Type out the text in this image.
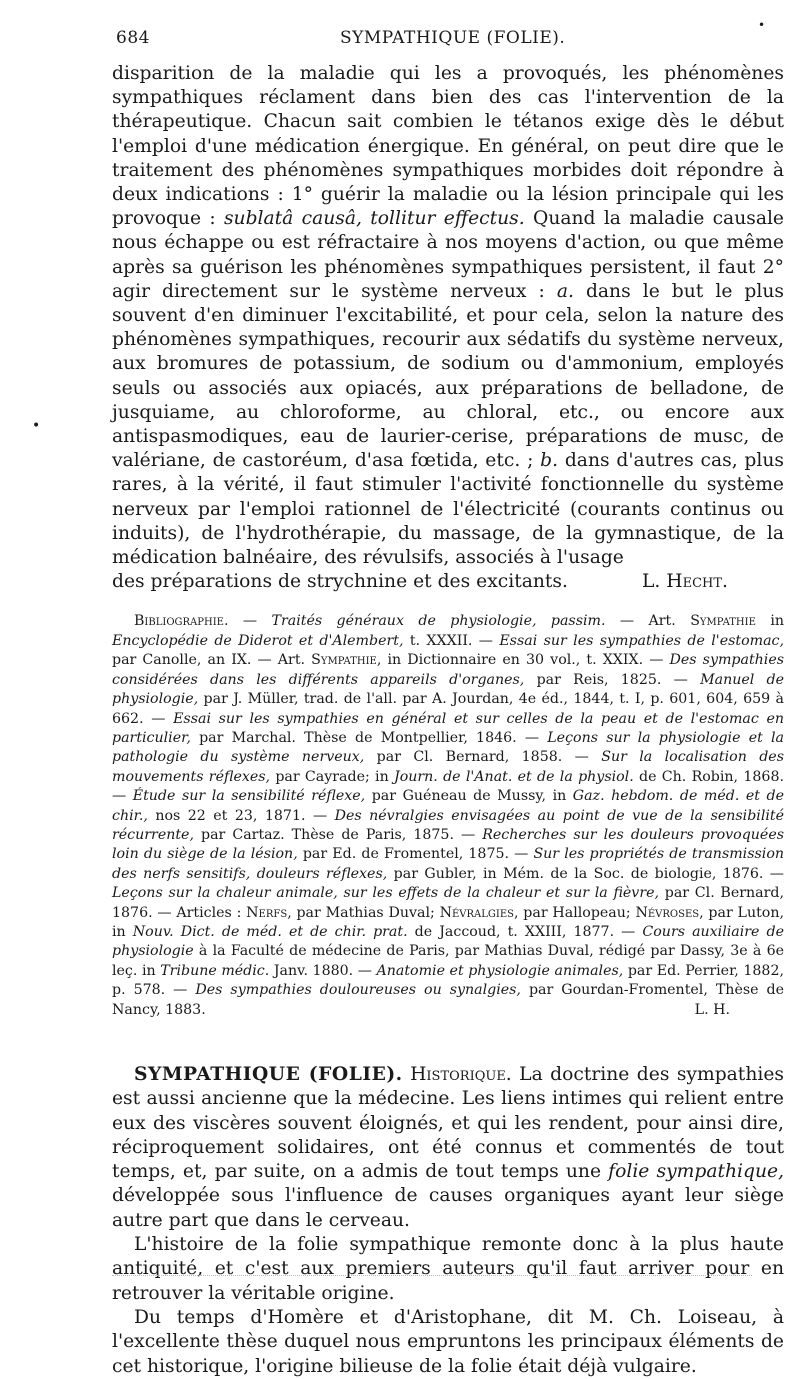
684	SYMPATHIQUE (FOLIE).
•
•

disparition de la maladie qui les a provoqués, les phénomènes sympathiques réclament dans bien des cas l'intervention de la thérapeutique. Chacun sait combien le tétanos exige dès le début l'emploi d'une médication énergique. En général, on peut dire que le traitement des phénomènes sympathiques morbides doit répondre à deux indications : 1° guérir la maladie ou la lésion principale qui les provoque : sublatâ causâ, tollitur effectus. Quand la maladie causale nous échappe ou est réfractaire à nos moyens d'action, ou que même après sa guérison les phénomènes sympathiques persistent, il faut 2° agir directement sur le système nerveux : a. dans le but le plus souvent d'en diminuer l'excitabilité, et pour cela, selon la nature des phénomènes sympathiques, recourir aux sédatifs du système nerveux, aux bromures de potassium, de sodium ou d'ammonium, employés seuls ou associés aux opiacés, aux préparations de belladone, de jusquiame, au chloroforme, au chloral, etc., ou encore aux antispasmodiques, eau de laurier-cerise, préparations de musc, de valériane, de castoréum, d'asa fœtida, etc. ; b. dans d'autres cas, plus rares, à la vérité, il faut stimuler l'activité fonctionnelle du système nerveux par l'emploi rationnel de l'électricité (courants continus ou induits), de l'hydrothérapie, du massage, de la gymnastique, de la médication balnéaire, des révulsifs, associés à l'usage

des préparations de strychnine et des excitants.	L. Hecht.
Bibliographie. — Traités généraux de physiologie, passim. — Art. Sympathie in Encyclopédie de Diderot et d'Alembert, t. XXXII. — Essai sur les sympathies de l'estomac, par Canolle, an IX. — Art. Sympathie, in Dictionnaire en 30 vol., t. XXIX. — Des sympathies considérées dans les différents appareils d'organes, par Reis, 1825. — Manuel de physiologie, par J. Müller, trad. de l'all. par A. Jourdan, 4e éd., 1844, t. I, p. 601, 604, 659 à 662. — Essai sur les sympathies en général et sur celles de la peau et de l'estomac en particulier, par Marchal. Thèse de Montpellier, 1846. — Leçons sur la physiologie et la pathologie du système nerveux, par Cl. Bernard, 1858. — Sur la localisation des mouvements réflexes, par Cayrade; in Journ. de l'Anat. et de la physiol. de Ch. Robin, 1868. — Étude sur la sensibilité réflexe, par Guéneau de Mussy, in Gaz. hebdom. de méd. et de chir., nos 22 et 23, 1871. — Des névralgies envisagées au point de vue de la sensibilité récurrente, par Cartaz. Thèse de Paris, 1875. — Recherches sur les douleurs provoquées loin du siège de la lésion, par Ed. de Fromentel, 1875. — Sur les propriétés de transmission des nerfs sensitifs, douleurs réflexes, par Gubler, in Mém. de la Soc. de biologie, 1876. — Leçons sur la chaleur animale, sur les effets de la chaleur et sur la fièvre, par Cl. Bernard, 1876. — Articles : Nerfs, par Mathias Duval; Névralgies, par Hallopeau; Névroses, par Luton, in Nouv. Dict. de méd. et de chir. prat. de Jaccoud, t. XXIII, 1877. — Cours auxiliaire de physiologie à la Faculté de médecine de Paris, par Mathias Duval, rédigé par Dassy, 3e à 6e leç. in Tribune médic. Janv. 1880. — Anatomie et physiologie animales, par Ed. Perrier, 1882, p. 578. — Des sympathies douloureuses ou synalgies, par Gourdan-Fromentel, Thèse de Nancy, 1883.	L. H.

SYMPATHIQUE (FOLIE). Historique. La doctrine des sympathies est aussi ancienne que la médecine. Les liens intimes qui relient entre eux des viscères souvent éloignés, et qui les rendent, pour ainsi dire, réciproquement solidaires, ont été connus et commentés de tout temps, et, par suite, on a admis de tout temps une folie sympathique, développée sous l'influence de causes organiques ayant leur siège autre part que dans le cerveau.

L'histoire de la folie sympathique remonte donc à la plus haute antiquité, et c'est aux premiers auteurs qu'il faut arriver pour en retrouver la véritable origine.

Du temps d'Homère et d'Aristophane, dit M. Ch. Loiseau, à l'excellente thèse duquel nous empruntons les principaux éléments de cet historique, l'origine bilieuse de la folie était déjà vulgaire.
